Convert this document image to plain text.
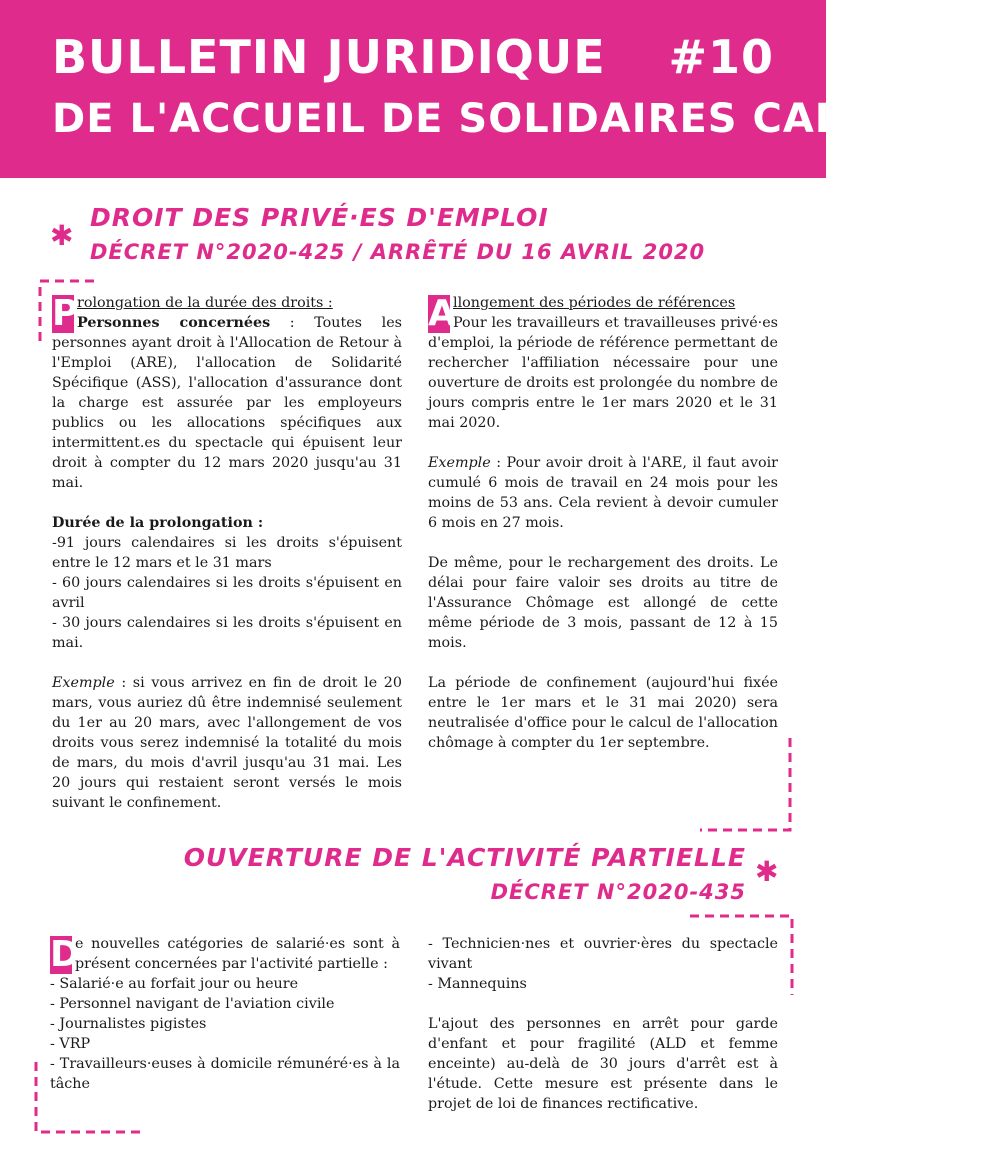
BULLETIN JURIDIQUE #10
DE L'ACCUEIL DE SOLIDAIRES CALVADOS
✱
DROIT DES PRIVÉ·ES D'EMPLOI
DÉCRET N°2020-425 / ARRÊTÉ DU 16 AVRIL 2020
P

rolongation de la durée des droits :
Personnes concernées : Toutes les personnes ayant droit à l'Allocation de Retour à l'Emploi (ARE), l'allocation de Solidarité Spécifique (ASS), l'allocation d'assurance dont la charge est assurée par les employeurs publics ou les allocations spécifiques aux intermittent.es du spectacle qui épuisent leur droit à compter du 12 mars 2020 jusqu'au 31 mai.

Durée de la prolongation :

-91 jours calendaires si les droits s'épuisent entre le 12 mars et le 31 mars

- 60 jours calendaires si les droits s'épuisent en avril

- 30 jours calendaires si les droits s'épuisent en mai.

Exemple : si vous arrivez en fin de droit le 20 mars, vous auriez dû être indemnisé seulement du 1er au 20 mars, avec l'allongement de vos droits vous serez indemnisé la totalité du mois de mars, du mois d'avril jusqu'au 31 mai. Les 20 jours qui restaient seront versés le mois suivant le confinement.

A

llongement des périodes de références
Pour les travailleurs et travailleuses privé·es d'emploi, la période de référence permettant de rechercher l'affiliation nécessaire pour une ouverture de droits est prolongée du nombre de jours compris entre le 1er mars 2020 et le 31 mai 2020.

Exemple : Pour avoir droit à l'ARE, il faut avoir cumulé 6 mois de travail en 24 mois pour les moins de 53 ans. Cela revient à devoir cumuler 6 mois en 27 mois.

De même, pour le rechargement des droits. Le délai pour faire valoir ses droits au titre de l'Assurance Chômage est allongé de cette même période de 3 mois, passant de 12 à 15 mois.

La période de confinement (aujourd'hui fixée entre le 1er mars et le 31 mai 2020) sera neutralisée d'office pour le calcul de l'allocation chômage à compter du 1er septembre.

OUVERTURE DE L'ACTIVITÉ PARTIELLE
DÉCRET N°2020-435
✱
D

e nouvelles catégories de salarié·es sont à présent concernées par l'activité partielle :

- Salarié·e au forfait jour ou heure

- Personnel navigant de l'aviation civile

- Journalistes pigistes

- VRP

- Travailleurs·euses à domicile rémunéré·es à la tâche

- Technicien·nes et ouvrier·ères du spectacle vivant

- Mannequins

L'ajout des personnes en arrêt pour garde d'enfant et pour fragilité (ALD et femme enceinte) au-delà de 30 jours d'arrêt est à l'étude. Cette mesure est présente dans le projet de loi de finances rectificative.
